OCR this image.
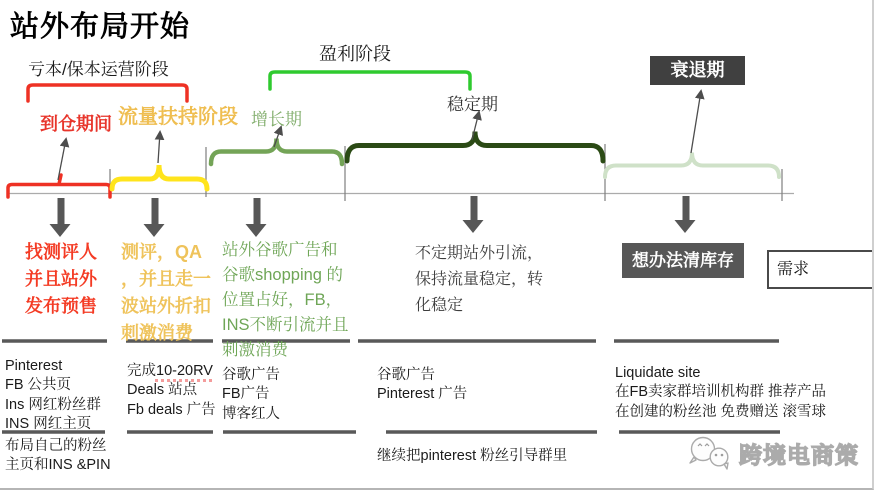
站外布局开始
亏本/保本运营阶段
盈利阶段
到仓期间 流量扶持阶段 增长期
稳定期
衰退期
找测评人
并且站外
发布预售
测评，QA
，并且走一
波站外折扣
刺激消费
站外谷歌广告和
谷歌shopping 的
位置占好，FB，
INS不断引流并且
刺激消费
不定期站外引流，
保持流量稳定，转
化稳定
想办法清库存	需求
Pinterest
FB 公共页
Ins 网红粉丝群
INS 网红主页
布局自己的粉丝
主页和INS &PIN
完成10-20RV
Deals 站点
Fb deals 广告
谷歌广告
FB广告
博客红人
谷歌广告
Pinterest 广告
继续把pinterest 粉丝引导群里
Liquidate site
在FB卖家群培训机构群 推荐产品
在创建的粉丝池 免费赠送 滚雪球
跨境电商策
